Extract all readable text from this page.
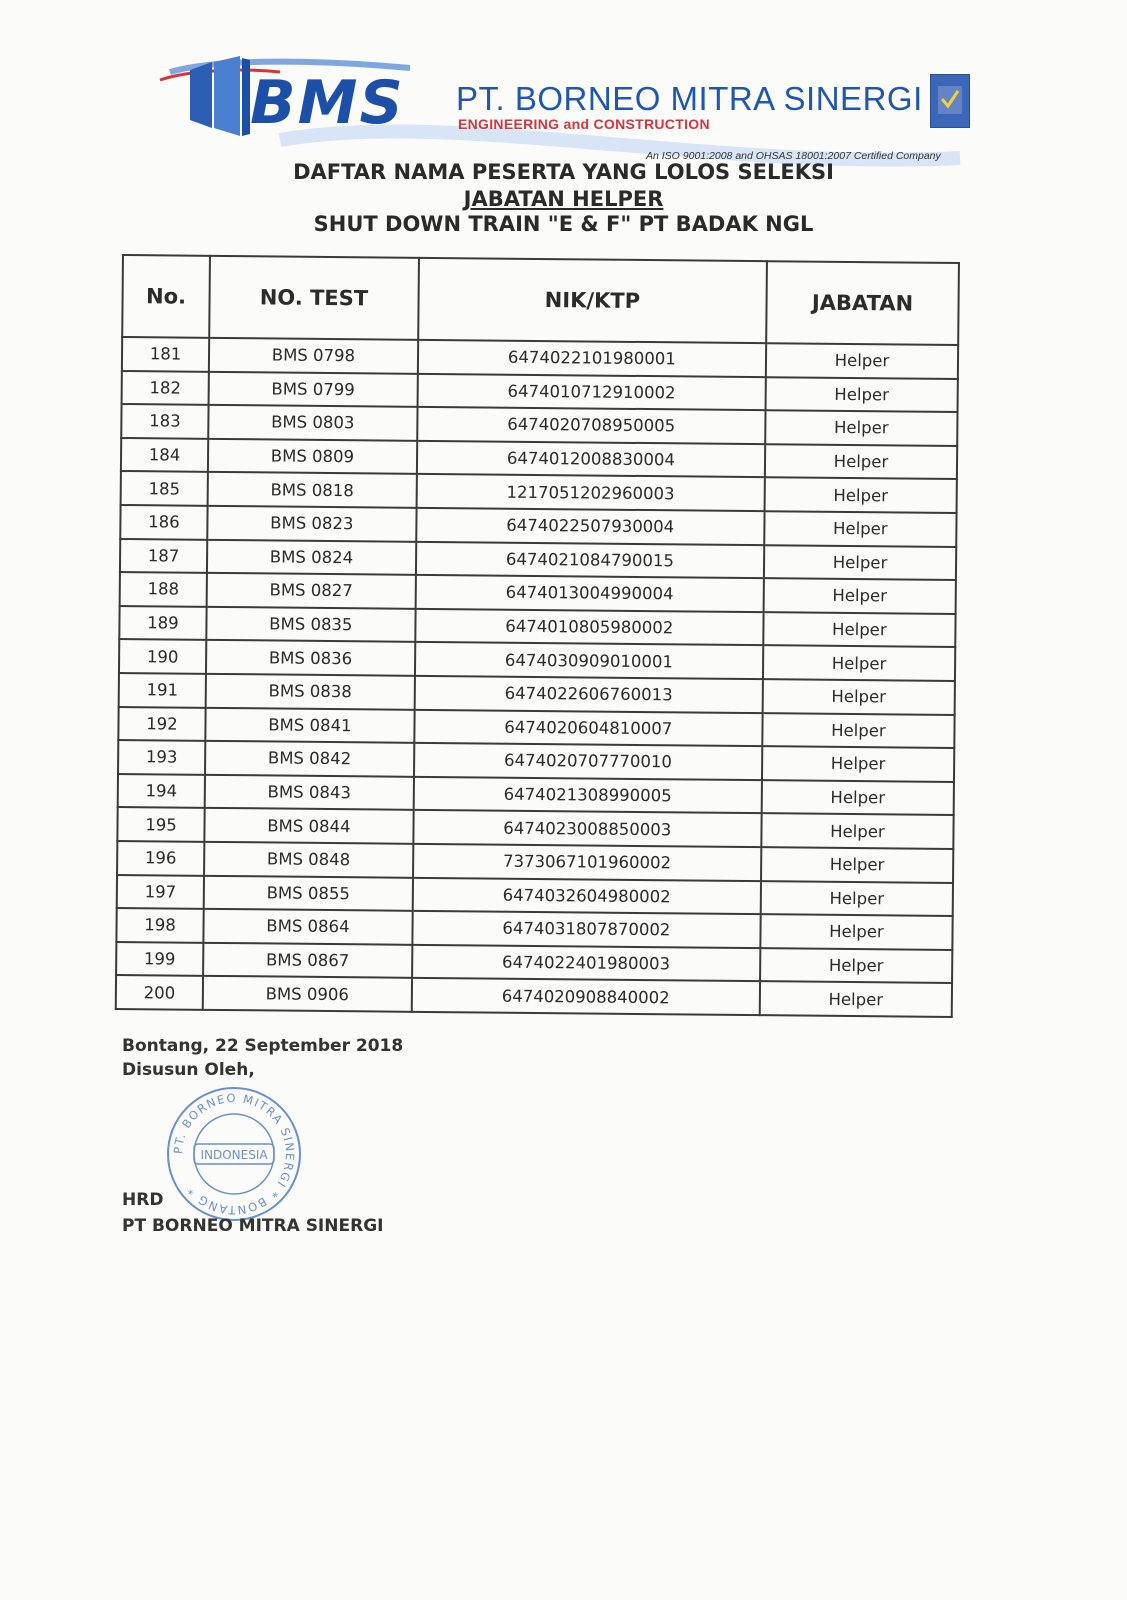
BMS PT. BORNEO MITRA SINERGI
ENGINEERING and CONSTRUCTION
An ISO 9001:2008 and OHSAS 18001:2007 Certified Company
DAFTAR NAMA PESERTA YANG LOLOS SELEKSI
JABATAN HELPER
SHUT DOWN TRAIN "E & F" PT BADAK NGL
No.	NO. TEST	NIK/KTP	JABATAN
181	BMS 0798	6474022101980001	Helper
182	BMS 0799	6474010712910002	Helper
183	BMS 0803	6474020708950005	Helper
184	BMS 0809	6474012008830004	Helper
185	BMS 0818	1217051202960003	Helper
186	BMS 0823	6474022507930004	Helper
187	BMS 0824	6474021084790015	Helper
188	BMS 0827	6474013004990004	Helper
189	BMS 0835	6474010805980002	Helper
190	BMS 0836	6474030909010001	Helper
191	BMS 0838	6474022606760013	Helper
192	BMS 0841	6474020604810007	Helper
193	BMS 0842	6474020707770010	Helper
194	BMS 0843	6474021308990005	Helper
195	BMS 0844	6474023008850003	Helper
196	BMS 0848	7373067101960002	Helper
197	BMS 0855	6474032604980002	Helper
198	BMS 0864	6474031807870002	Helper
199	BMS 0867	6474022401980003	Helper
200	BMS 0906	6474020908840002	Helper
Bontang, 22 September 2018
Disusun Oleh,
PT. BORNEO MITRA SINERGI * BONTANG *
INDONESIA
HRD
PT BORNEO MITRA SINERGI
